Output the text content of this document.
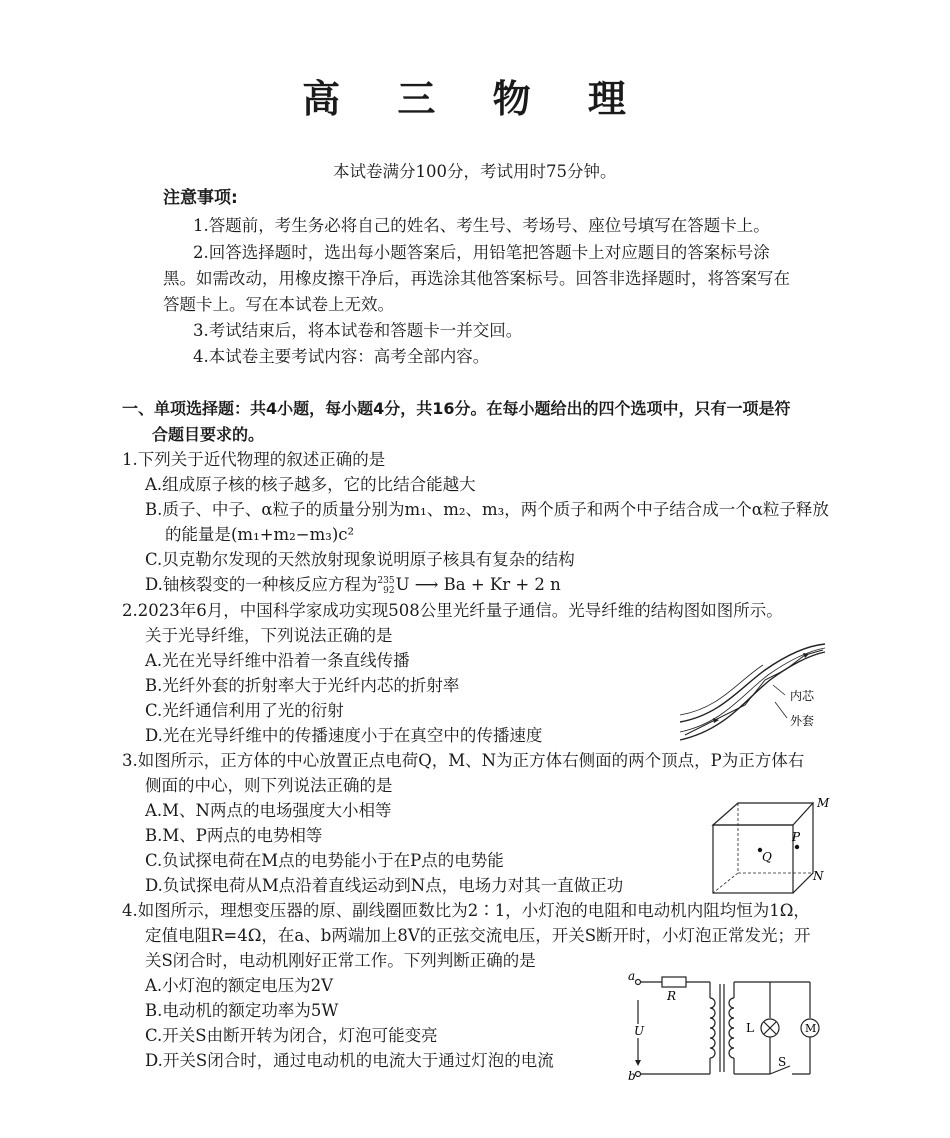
高 三 物 理
本试卷满分100分，考试用时75分钟。
注意事项:
1.答题前，考生务必将自己的姓名、考生号、考场号、座位号填写在答题卡上。
2.回答选择题时，选出每小题答案后，用铅笔把答题卡上对应题目的答案标号涂
黑。如需改动，用橡皮擦干净后，再选涂其他答案标号。回答非选择题时，将答案写在
答题卡上。写在本试卷上无效。
3.考试结束后，将本试卷和答题卡一并交回。
4.本试卷主要考试内容：高考全部内容。
一、单项选择题：共4小题，每小题4分，共16分。在每小题给出的四个选项中，只有一项是符
合题目要求的。
1.下列关于近代物理的叙述正确的是
A.组成原子核的核子越多，它的比结合能越大
B.质子、中子、α粒子的质量分别为m₁、m₂、m₃，两个质子和两个中子结合成一个α粒子释放
的能量是(m₁+m₂−m₃)c²
C.贝克勒尔发现的天然放射现象说明原子核具有复杂的结构
D.铀核裂变的一种核反应方程为 235
92 U ⟶ Ba + Kr + 2 n
2.2023年6月，中国科学家成功实现508公里光纤量子通信。光导纤维的结构图如图所示。
关于光导纤维，下列说法正确的是
A.光在光导纤维中沿着一条直线传播
B.光纤外套的折射率大于光纤内芯的折射率
C.光纤通信利用了光的衍射
D.光在光导纤维中的传播速度小于在真空中的传播速度
内芯
外套
3.如图所示，正方体的中心放置正点电荷Q，M、N为正方体右侧面的两个顶点，P为正方体右
侧面的中心，则下列说法正确的是
A.M、N两点的电场强度大小相等
B.M、P两点的电势相等
C.负试探电荷在M点的电势能小于在P点的电势能
D.负试探电荷从M点沿着直线运动到N点，电场力对其一直做正功
Q
P
M
N
4.如图所示，理想变压器的原、副线圈匝数比为2∶1，小灯泡的电阻和电动机内阻均恒为1Ω，
定值电阻R=4Ω，在a、b两端加上8V的正弦交流电压，开关S断开时，小灯泡正常发光；开
关S闭合时，电动机刚好正常工作。下列判断正确的是
A.小灯泡的额定电压为2V
B.电动机的额定功率为5W
C.开关S由断开转为闭合，灯泡可能变亮
D.开关S闭合时，通过电动机的电流大于通过灯泡的电流
a
b
R
U	L	M
S
